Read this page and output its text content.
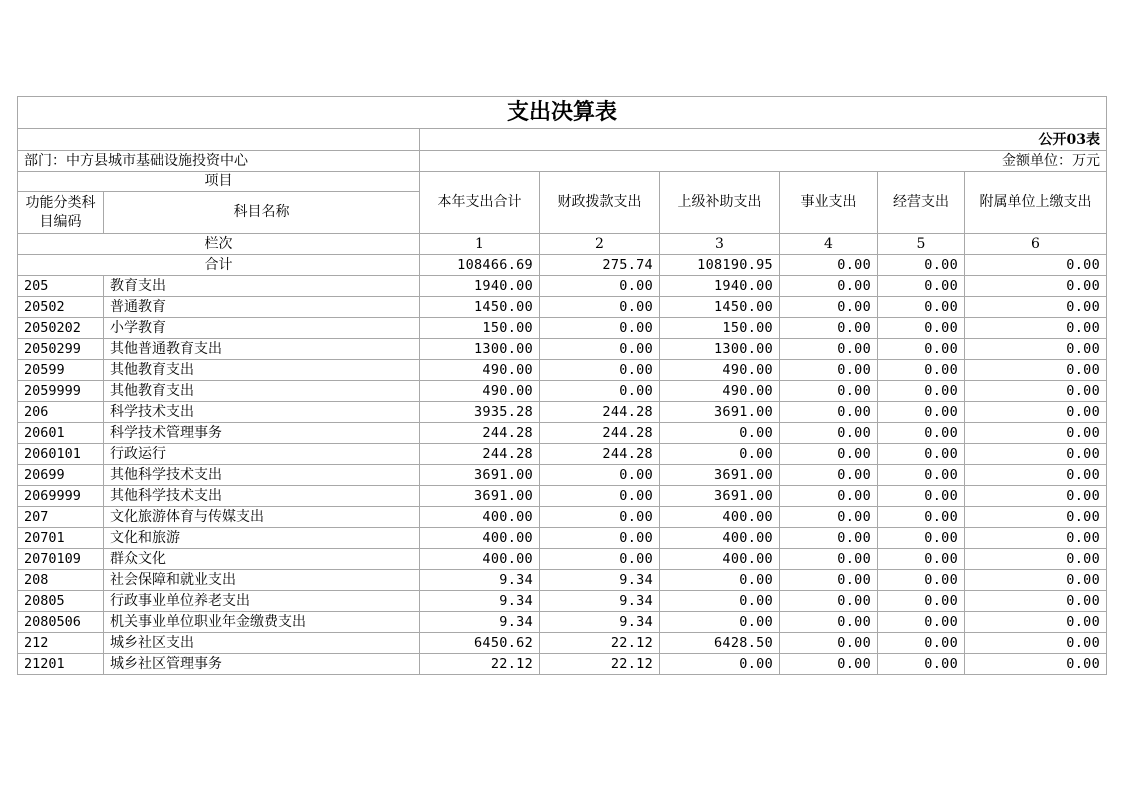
支出决算表							
		公开03表					
部门：中方县城市基础设施投资中心		金额单位：万元					
项目		本年支出合计	财政拨款支出	上级补助支出	事业支出	经营支出	附属单位上缴支出
功能分类科目编码	科目名称						
栏次		1	2	3	4	5	6
合计		108466.69	275.74	108190.95	0.00	0.00	0.00
205	教育支出	1940.00	0.00	1940.00	0.00	0.00	0.00
20502	普通教育	1450.00	0.00	1450.00	0.00	0.00	0.00
2050202	小学教育	150.00	0.00	150.00	0.00	0.00	0.00
2050299	其他普通教育支出	1300.00	0.00	1300.00	0.00	0.00	0.00
20599	其他教育支出	490.00	0.00	490.00	0.00	0.00	0.00
2059999	其他教育支出	490.00	0.00	490.00	0.00	0.00	0.00
206	科学技术支出	3935.28	244.28	3691.00	0.00	0.00	0.00
20601	科学技术管理事务	244.28	244.28	0.00	0.00	0.00	0.00
2060101	行政运行	244.28	244.28	0.00	0.00	0.00	0.00
20699	其他科学技术支出	3691.00	0.00	3691.00	0.00	0.00	0.00
2069999	其他科学技术支出	3691.00	0.00	3691.00	0.00	0.00	0.00
207	文化旅游体育与传媒支出	400.00	0.00	400.00	0.00	0.00	0.00
20701	文化和旅游	400.00	0.00	400.00	0.00	0.00	0.00
2070109	群众文化	400.00	0.00	400.00	0.00	0.00	0.00
208	社会保障和就业支出	9.34	9.34	0.00	0.00	0.00	0.00
20805	行政事业单位养老支出	9.34	9.34	0.00	0.00	0.00	0.00
2080506	机关事业单位职业年金缴费支出	9.34	9.34	0.00	0.00	0.00	0.00
212	城乡社区支出	6450.62	22.12	6428.50	0.00	0.00	0.00
21201	城乡社区管理事务	22.12	22.12	0.00	0.00	0.00	0.00
